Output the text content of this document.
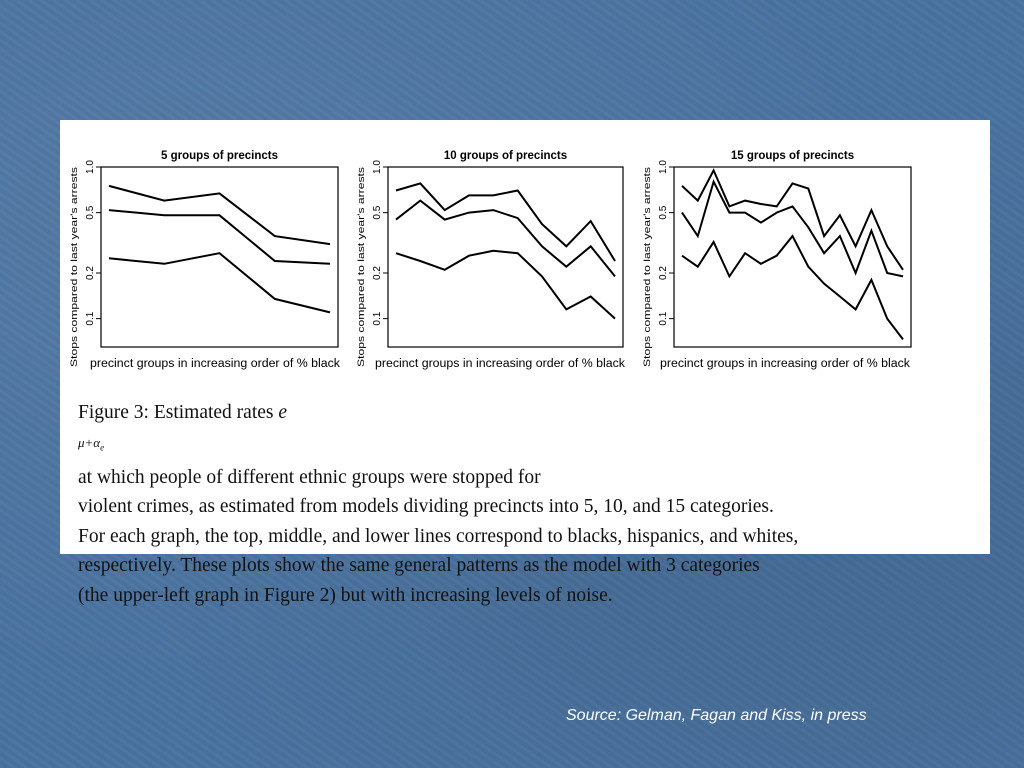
5 groups of precincts
precinct groups in increasing order of % black
Stops compared to last year's arrests 0.1
0.2
0.5
1.0
10 groups of precincts
precinct groups in increasing order of % black
Stops compared to last year's arrests 0.1
0.2
0.5
1.0
15 groups of precincts
precinct groups in increasing order of % black
Stops compared to last year's arrests 0.1
0.2
0.5
1.0
Figure 3: Estimated rates e
$\mu+\alpha_e$
at which people of different ethnic groups were stopped for
violent crimes, as estimated from models dividing precincts into 5, 10, and 15 categories.
For each graph, the top, middle, and lower lines correspond to blacks, hispanics, and whites,
respectively. These plots show the same general patterns as the model with 3 categories
(the upper-left graph in Figure 2) but with increasing levels of noise.
Source: Gelman, Fagan and Kiss, in press
